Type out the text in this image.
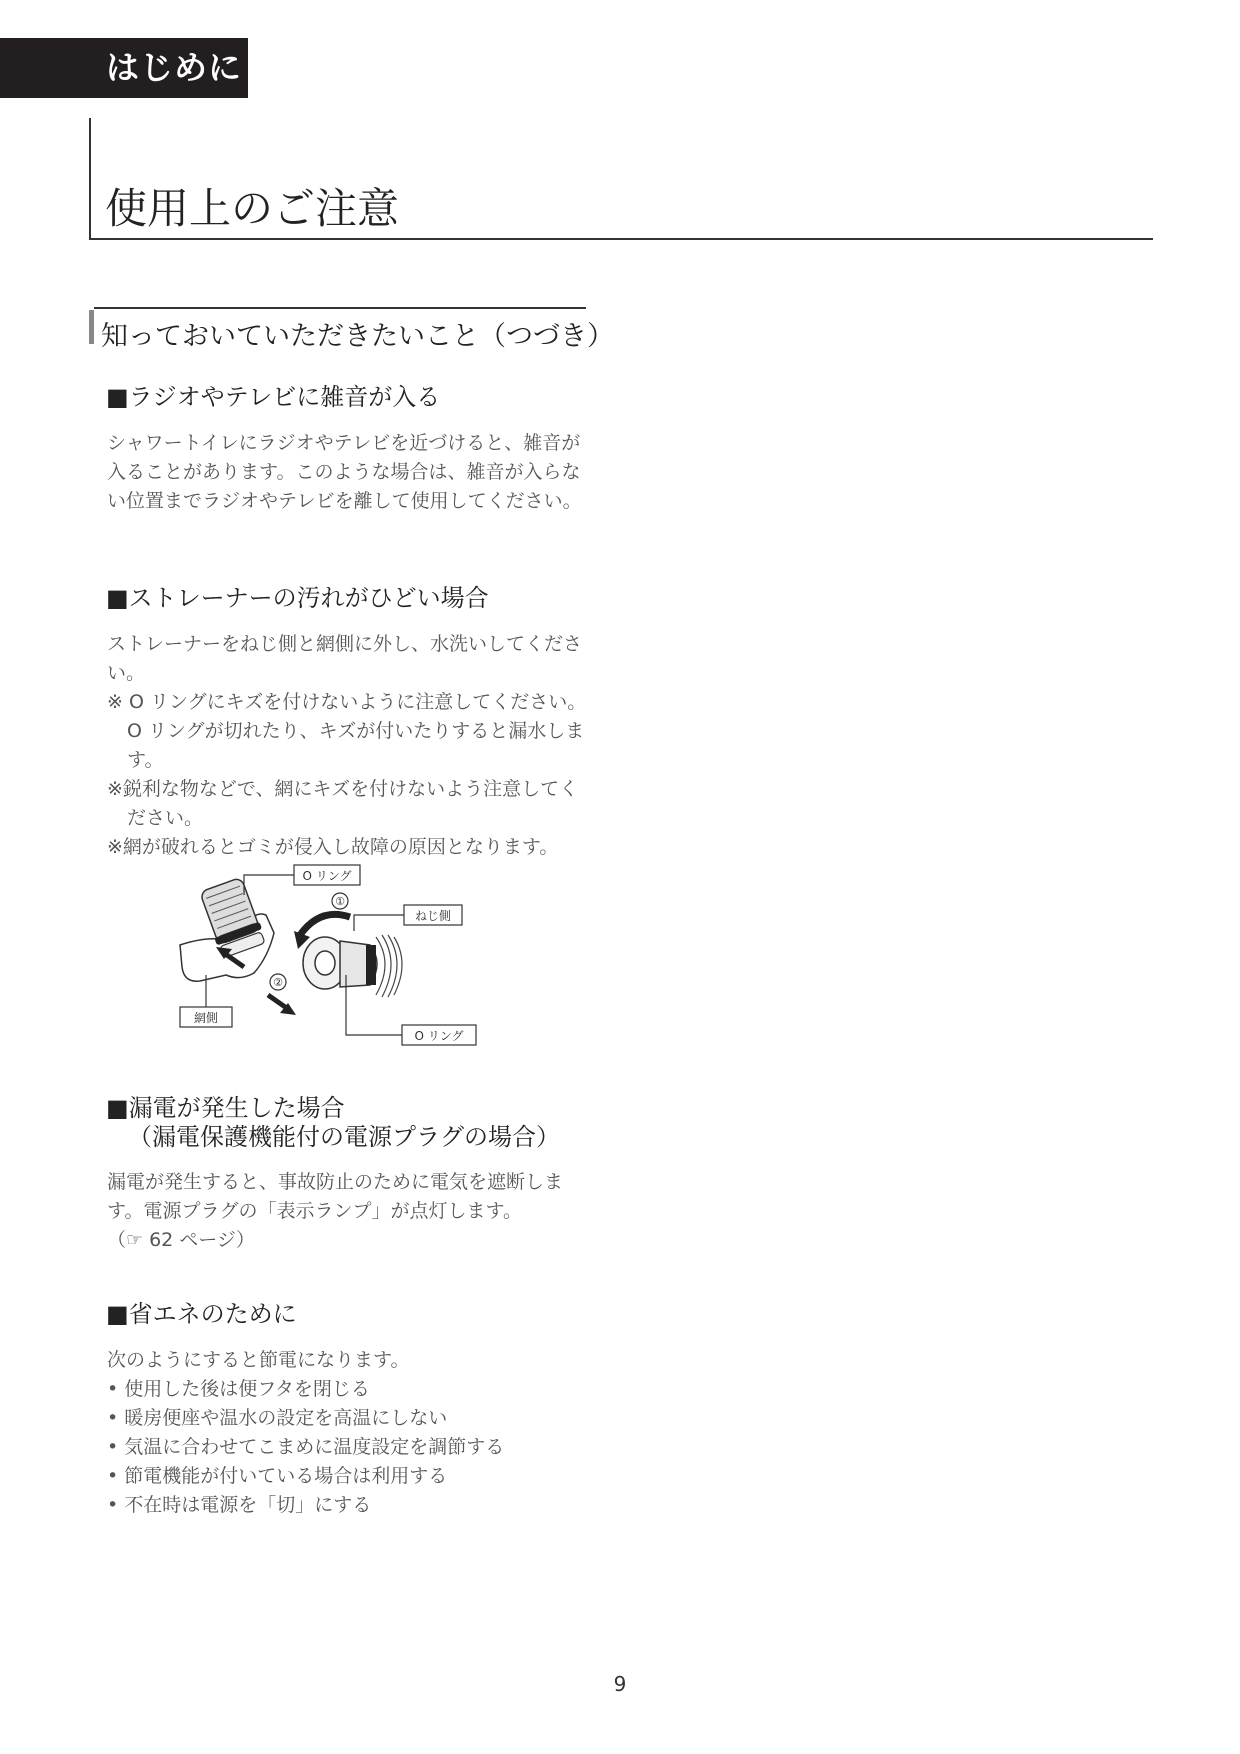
はじめに
使用上のご注意
知っておいていただきたいこと（つづき）
■ラジオやテレビに雑音が入る

シャワートイレにラジオやテレビを近づけると、雑音が入ることがあります。このような場合は、雑音が入らない位置までラジオやテレビを離して使用してください。

■ストレーナーの汚れがひどい場合

ストレーナーをねじ側と網側に外し、水洗いしてください。

※ O リングにキズを付けないように注意してください。O リングが切れたり、キズが付いたりすると漏水します。

※鋭利な物などで、網にキズを付けないよう注意してください。

※網が破れるとゴミが侵入し故障の原因となります。

①
②
O リング
ねじ側
網側
O リング
■漏電が発生した場合
（漏電保護機能付の電源プラグの場合）

漏電が発生すると、事故防止のために電気を遮断します。電源プラグの「表示ランプ」が点灯します。

（☞ 62 ページ）

■省エネのために

次のようにすると節電になります。

• 使用した後は便フタを閉じる

• 暖房便座や温水の設定を高温にしない

• 気温に合わせてこまめに温度設定を調節する

• 節電機能が付いている場合は利用する

• 不在時は電源を「切」にする

9
